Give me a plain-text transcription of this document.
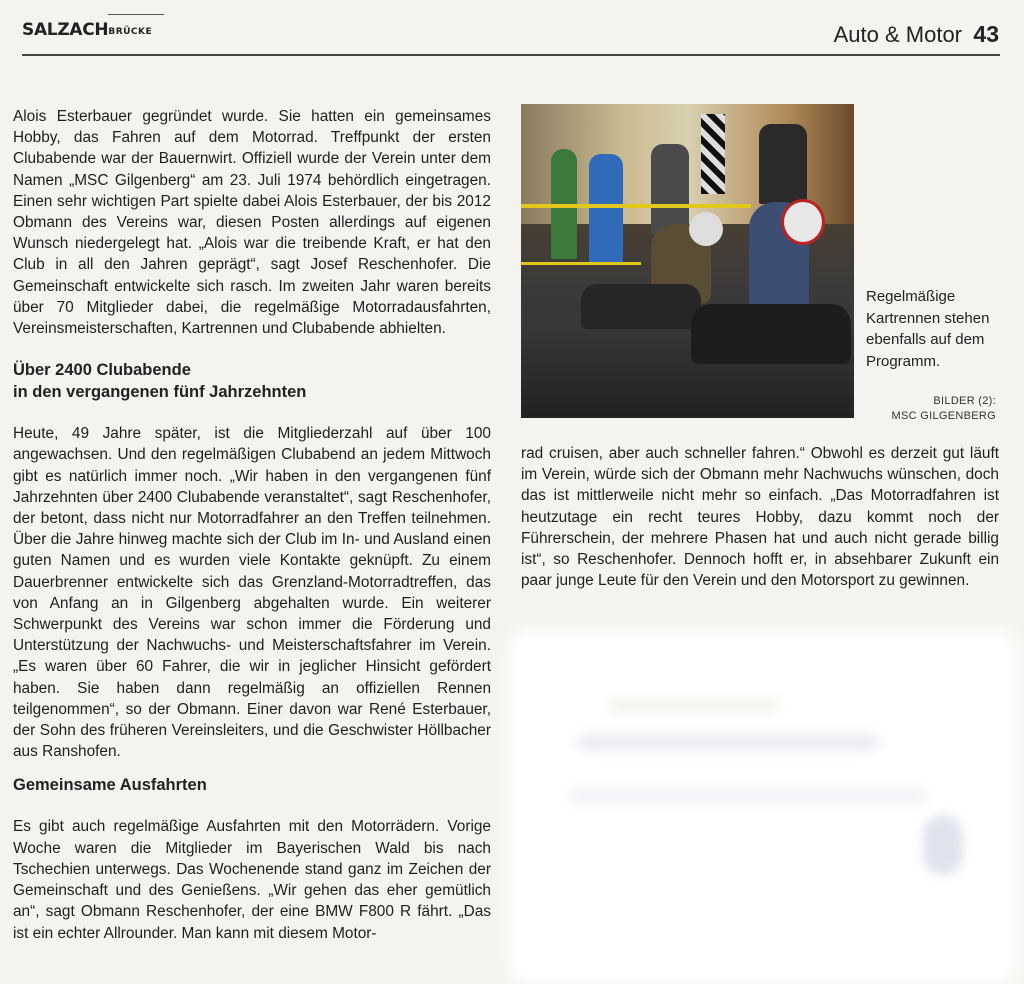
SALZACHBRÜCKE	Auto & Motor 43

Alois Esterbauer gegründet wurde. Sie hatten ein gemeinsames Hobby, das Fahren auf dem Motorrad. Treffpunkt der ersten Clubabende war der Bauernwirt. Offiziell wurde der Verein unter dem Namen „MSC Gilgenberg“ am 23. Juli 1974 behördlich eingetragen. Einen sehr wichtigen Part spielte dabei Alois Esterbauer, der bis 2012 Obmann des Vereins war, diesen Posten allerdings auf eigenen Wunsch niedergelegt hat. „Alois war die treibende Kraft, er hat den Club in all den Jahren geprägt“, sagt Josef Reschenhofer. Die Gemeinschaft entwickelte sich rasch. Im zweiten Jahr waren bereits über 70 Mitglieder dabei, die regelmäßige Motorradausfahrten, Vereinsmeisterschaften, Kartrennen und Clubabende abhielten.

Über 2400 Clubabende
in den vergangenen fünf Jahrzehnten

Heute, 49 Jahre später, ist die Mitgliederzahl auf über 100 angewachsen. Und den regelmäßigen Clubabend an jedem Mittwoch gibt es natürlich immer noch. „Wir haben in den vergangenen fünf Jahrzehnten über 2400 Clubabende veranstaltet“, sagt Reschenhofer, der betont, dass nicht nur Motorradfahrer an den Treffen teilnehmen. Über die Jahre hinweg machte sich der Club im In- und Ausland einen guten Namen und es wurden viele Kontakte geknüpft. Zu einem Dauerbrenner entwickelte sich das Grenzland-Motorradtreffen, das von Anfang an in Gilgenberg abgehalten wurde. Ein weiterer Schwerpunkt des Vereins war schon immer die Förderung und Unterstützung der Nachwuchs- und Meisterschaftsfahrer im Verein. „Es waren über 60 Fahrer, die wir in jeglicher Hinsicht gefördert haben. Sie haben dann regelmäßig an offiziellen Rennen teilgenommen“, so der Obmann. Einer davon war René Esterbauer, der Sohn des früheren Vereinsleiters, und die Geschwister Höllbacher aus Ranshofen.

Gemeinsame Ausfahrten

Es gibt auch regelmäßige Ausfahrten mit den Motorrädern. Vorige Woche waren die Mitglieder im Bayerischen Wald bis nach Tschechien unterwegs. Das Wochenende stand ganz im Zeichen der Gemeinschaft und des Genießens. „Wir gehen das eher gemütlich an“, sagt Obmann Reschenhofer, der eine BMW F800 R fährt. „Das ist ein echter Allrounder. Man kann mit diesem Motor-

Regelmäßige Kartrennen stehen ebenfalls auf dem Programm.
BILDER (2):
MSC GILGENBERG

rad cruisen, aber auch schneller fahren.“ Obwohl es derzeit gut läuft im Verein, würde sich der Obmann mehr Nachwuchs wünschen, doch das ist mittlerweile nicht mehr so einfach. „Das Motorradfahren ist heutzutage ein recht teures Hobby, dazu kommt noch der Führerschein, der mehrere Phasen hat und auch nicht gerade billig ist“, so Reschenhofer. Dennoch hofft er, in absehbarer Zukunft ein paar junge Leute für den Verein und den Motorsport zu gewinnen.
